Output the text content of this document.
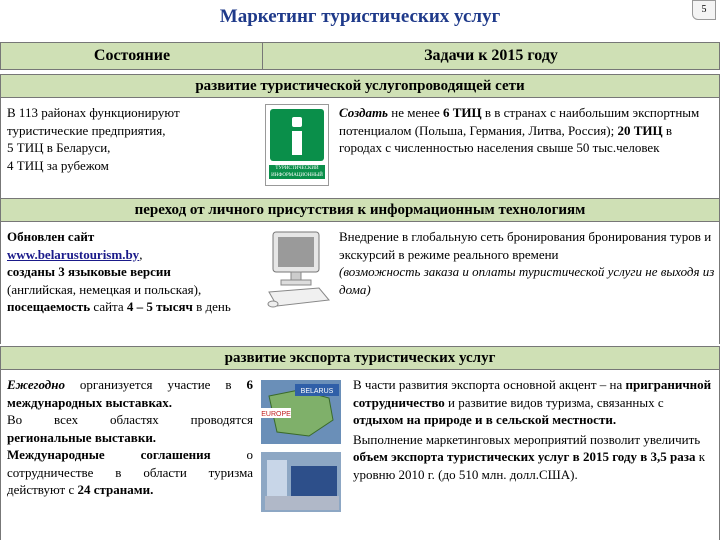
Маркетинг туристических услуг	5
Состояние	Задачи к 2015 году
развитие туристической услугопроводящей сети
В 113 районах функционируют
туристические предприятия,
5 ТИЦ в Беларуси,
4 ТИЦ за рубежом	ТУРИСТИЧЕСКИЙ ИНФОРМАЦИОННЫЙ
Создать не менее 6 ТИЦ в в странах с наибольшим экспортным потенциалом (Польша, Германия, Литва, Россия); 20 ТИЦ в городах с численностью населения свыше 50 тыс.человек
переход от личного присутствия к информационным технологиям
Обновлен сайт
www.belarustourism.by,
созданы 3 языковые версии
(английская, немецкая и польская),
посещаемость сайта 4 – 5 тысяч в день
Внедрение в глобальную сеть бронирования бронирования туров и экскурсий в режиме реального времени
(возможность заказа и оплаты туристической услуги не выходя из дома)
развитие экспорта туристических услуг
Ежегодно организуется участие в 6 международных выставках.
Во всех областях проводятся региональные выставки.
Международные соглашения о сотрудничестве в области туризма действуют с 24 странами.
BELARUS
EUROPE
В части развития экспорта основной акцент – на приграничной сотрудничество и развитие видов туризма, связанных с отдыхом на природе и в сельской местности.
Выполнение маркетинговых мероприятий позволит увеличить объем экспорта туристических услуг в 2015 году в 3,5 раза к уровню 2010 г. (до 510 млн. долл.США).
